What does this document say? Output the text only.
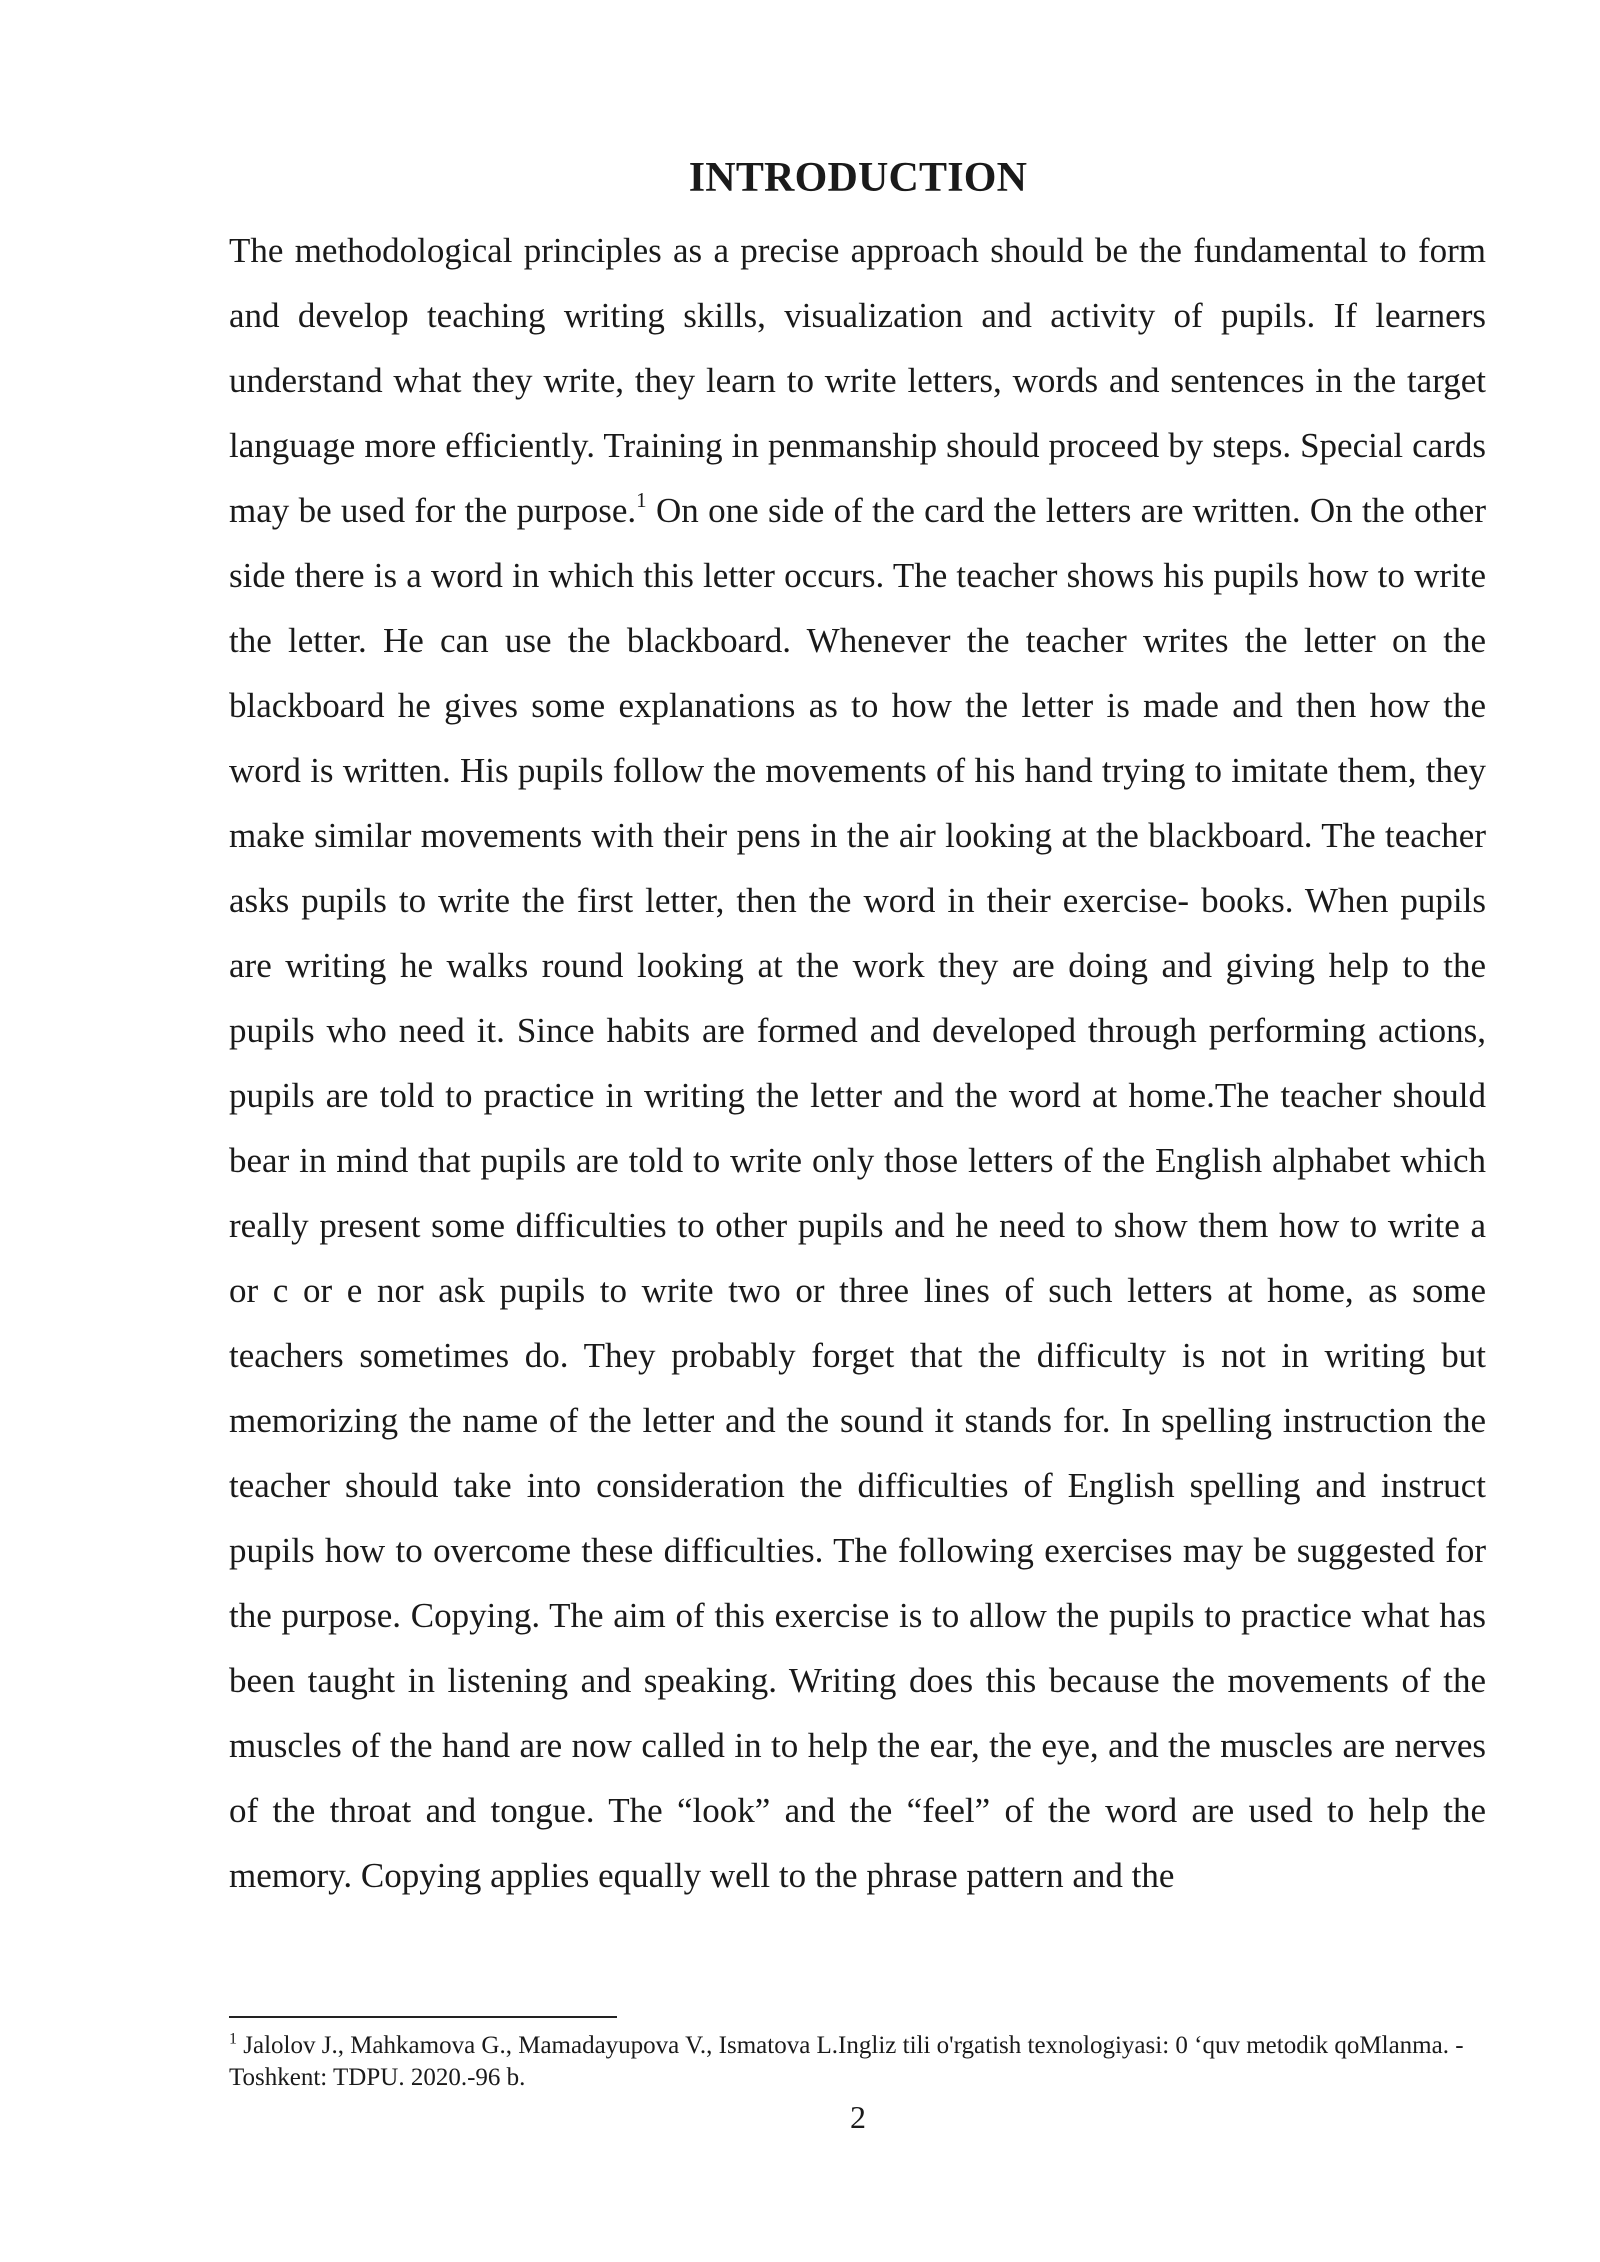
INTRODUCTION

The methodological principles as a precise approach should be the fundamental to form and develop teaching writing skills, visualization and activity of pupils. If learners understand what they write, they learn to write letters, words and sentences in the target language more efficiently. Training in penmanship should proceed by steps. Special cards may be used for the purpose.$^1$ On one side of the card the letters are written. On the other side there is a word in which this letter occurs. The teacher shows his pupils how to write the letter. He can use the blackboard. Whenever the teacher writes the letter on the blackboard he gives some explanations as to how the letter is made and then how the word is written. His pupils follow the movements of his hand trying to imitate them, they make similar movements with their pens in the air looking at the blackboard. The teacher asks pupils to write the first letter, then the word in their exercise- books. When pupils are writing he walks round looking at the work they are doing and giving help to the pupils who need it. Since habits are formed and developed through performing actions, pupils are told to practice in writing the letter and the word at home.The teacher should bear in mind that pupils are told to write only those letters of the English alphabet which really present some difficulties to other pupils and he need to show them how to write a or c or e nor ask pupils to write two or three lines of such letters at home, as some teachers sometimes do. They probably forget that the difficulty is not in writing but memorizing the name of the letter and the sound it stands for. In spelling instruction the teacher should take into consideration the difficulties of English spelling and instruct pupils how to overcome these difficulties. The following exercises may be suggested for the purpose. Copying. The aim of this exercise is to allow the pupils to practice what has been taught in listening and speaking. Writing does this because the movements of the muscles of the hand are now called in to help the ear, the eye, and the muscles are nerves of the throat and tongue. The “look” and the “feel” of the word are used to help the memory. Copying applies equally well to the phrase pattern and the

$^1$ Jalolov J., Mahkamova G., Mamadayupova V., Ismatova L.Ingliz tili o'rgatish texnologiyasi: 0 ‘quv metodik qoMlanma. -Toshkent: TDPU. 2020.-96 b.

2
